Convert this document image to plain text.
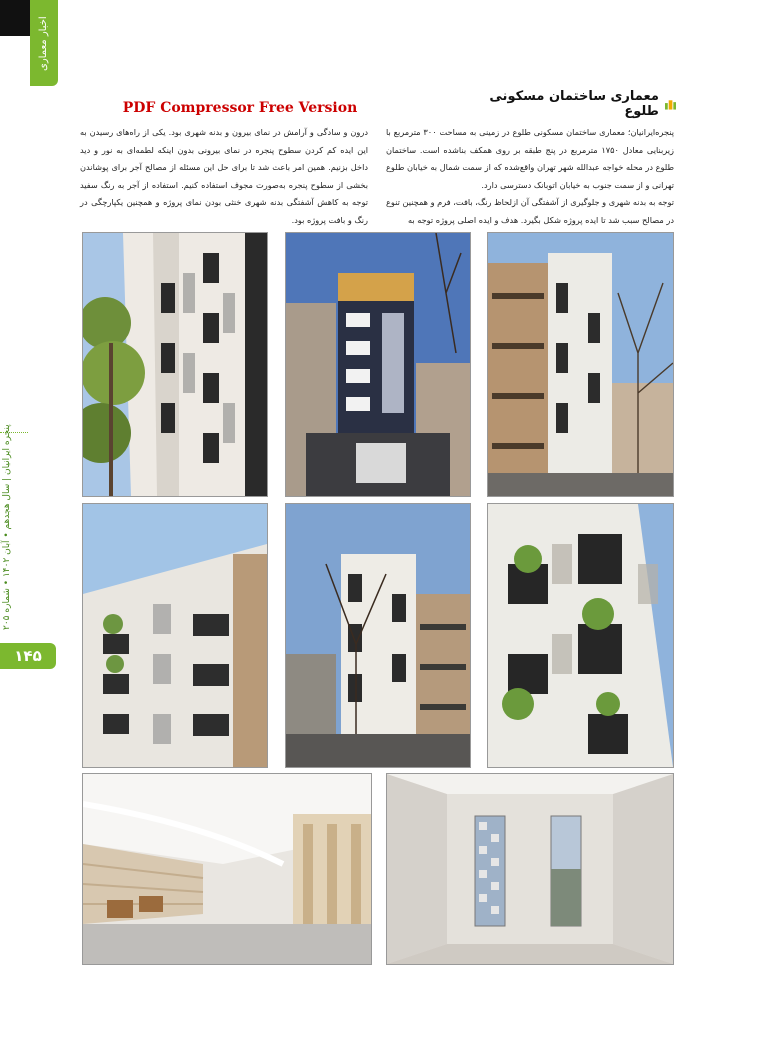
اخبار معماری
پنجره ایرانیان | سال هجدهم • آبان ۱۴۰۲ • شماره ۲۰۵
۱۴۵
PDF Compressor Free Version
معماری ساختمان مسکونی طلوع
پنجره‌ایرانیان؛ معماری ساختمان مسکونی طلوع در زمینی به مساحت ۳۰۰ مترمربع با زیربنایی معادل ۱۷۵۰ مترمربع در پنج طبقه بر روی همکف بناشده است. ساختمان طلوع در محله خواجه عبدالله شهر تهران واقع‌شده که از سمت شمال به خیابان طلوع تهرانی و از سمت جنوب به خیابان اتوبانک دسترسی دارد.
توجه به بدنه شهری و جلوگیری از آشفتگی آن ازلحاظ رنگ، بافت، فرم و همچنین تنوع در مصالح سبب شد تا ایده پروژه شکل بگیرد. هدف و ایده اصلی پروژه توجه به
درون و سادگی و آرامش در نمای بیرون و بدنه شهری بود. یکی از راه‌های رسیدن به این ایده کم کردن سطوح پنجره در نمای بیرونی بدون اینکه لطمه‌ای به نور و دید داخل بزنیم. همین امر باعث شد تا برای حل این مسئله از مصالح آجر برای پوشاندن بخشی از سطوح پنجره به‌صورت مجوف استفاده کنیم. استفاده از آجر به رنگ سفید توجه به کاهش آشفتگی بدنه شهری خنثی بودن نمای پروژه و همچنین یکپارچگی در رنگ و بافت پروژه بود.
